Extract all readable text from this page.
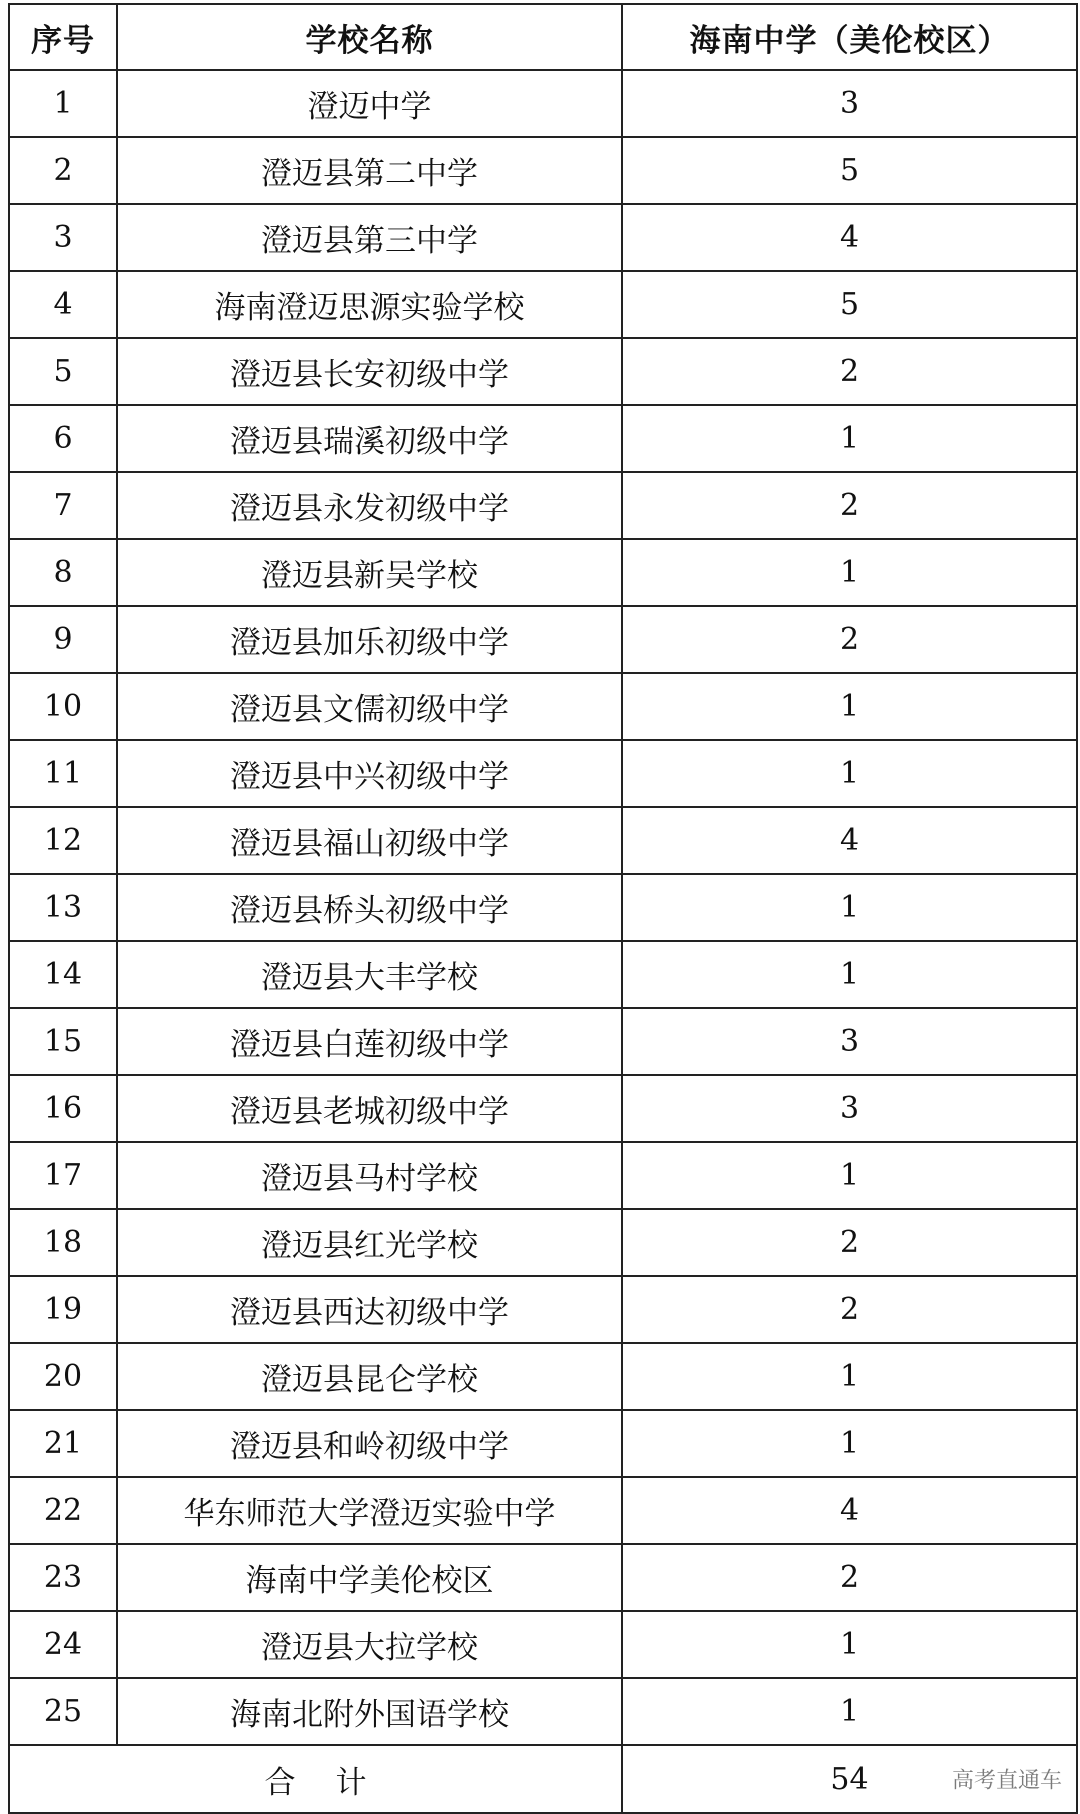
序号	学校名称	海南中学（美伦校区）
1	澄迈中学	3
2	澄迈县第二中学	5
3	澄迈县第三中学	4
4	海南澄迈思源实验学校	5
5	澄迈县长安初级中学	2
6	澄迈县瑞溪初级中学	1
7	澄迈县永发初级中学	2
8	澄迈县新吴学校	1
9	澄迈县加乐初级中学	2
10	澄迈县文儒初级中学	1
11	澄迈县中兴初级中学	1
12	澄迈县福山初级中学	4
13	澄迈县桥头初级中学	1
14	澄迈县大丰学校	1
15	澄迈县白莲初级中学	3
16	澄迈县老城初级中学	3
17	澄迈县马村学校	1
18	澄迈县红光学校	2
19	澄迈县西达初级中学	2
20	澄迈县昆仑学校	1
21	澄迈县和岭初级中学	1
22	华东师范大学澄迈实验中学	4
23	海南中学美伦校区	2
24	澄迈县大拉学校	1
25	海南北附外国语学校	1
合计		54 高考直通车
